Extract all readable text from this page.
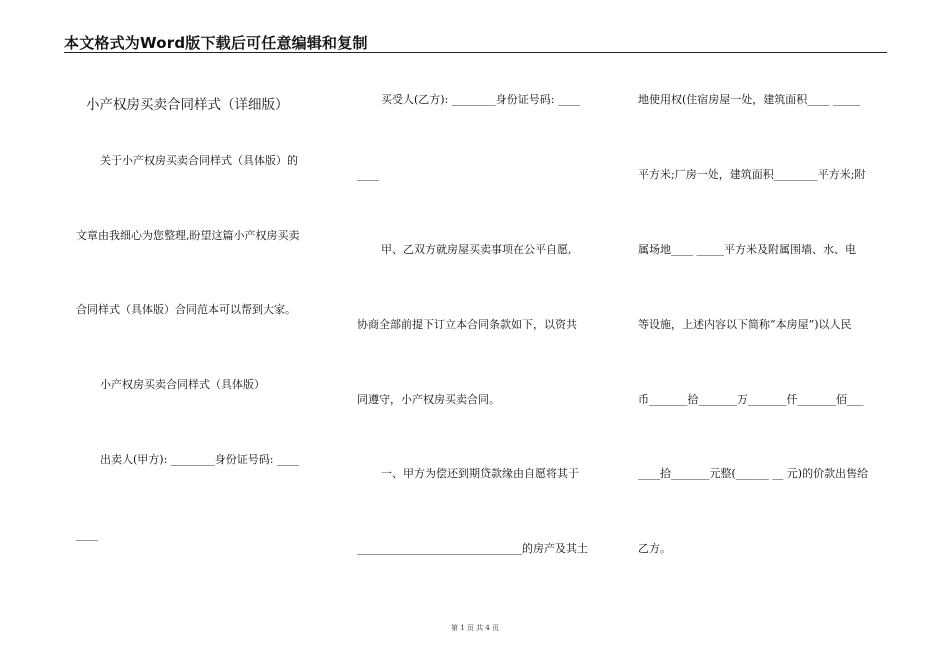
本文格式为Word版下载后可任意编辑和复制
小产权房买卖合同样式（详细版）
关于小产权房买卖合同样式（具体版）的
文章由我细心为您整理,盼望这篇小产权房买卖
合同样式（具体版）合同范本可以帮到大家。
小产权房买卖合同样式（具体版）
出卖人(甲方): ________身份证号码: ____
____
买受人(乙方): ________身份证号码: ____
____
甲、乙双方就房屋买卖事项在公平自愿,
协商全部前提下订立本合同条款如下，以资共
同遵守，小产权房买卖合同。
一、甲方为偿还到期贷款缘由自愿将其于
______________________________的房产及其土
地使用权(住宿房屋一处，建筑面积____ _____
平方米;厂房一处，建筑面积________平方米;附
属场地____ _____平方米及附属围墙、水、电
等设施，上述内容以下简称“本房屋”)以人民
币_______拾_______万_______仟_______佰___
____拾_______元整(______ __ 元)的价款出售给
乙方。
第 1 页 共 4 页
